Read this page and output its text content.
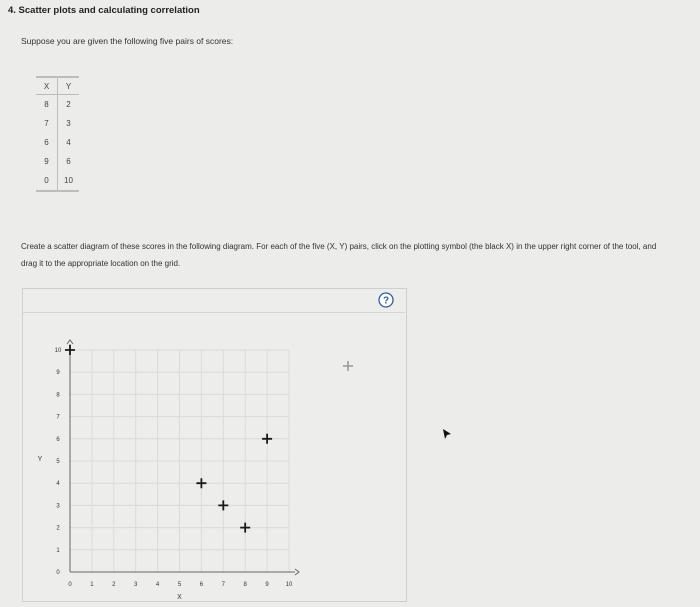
4. Scatter plots and calculating correlation
Suppose you are given the following five pairs of scores:
X	Y
8	2
7	3
6	4
9	6
0	10
Create a scatter diagram of these scores in the following diagram. For each of the five (X, Y) pairs, click on the plotting symbol (the black X) in the upper right corner of the tool, and drag it to the appropriate location on the grid.
?
0	1	2	3	4	5	6	7	8	9	10
0
1
2
3
4
5
6
7
8
9
10
X
Y
